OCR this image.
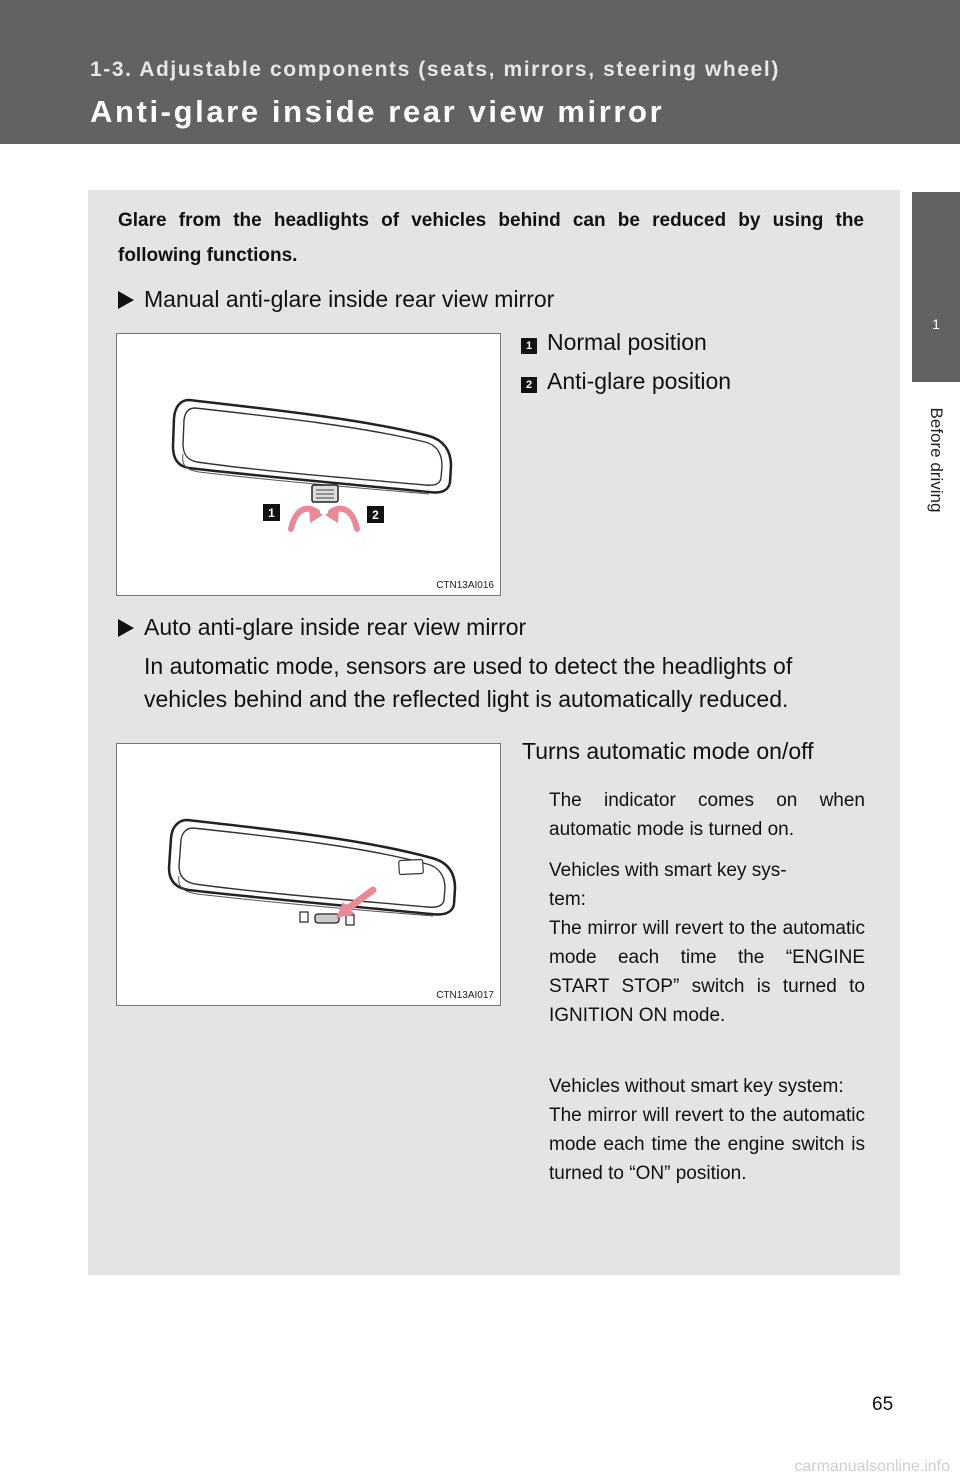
1-3. Adjustable components (seats, mirrors, steering wheel)
Anti-glare inside rear view mirror
1
Before driving
Glare from the headlights of vehicles behind can be reduced by using the following functions.
Manual anti-glare inside rear view mirror
1	2
CTN13AI016
1 Normal position
2 Anti-glare position
Auto anti-glare inside rear view mirror
In automatic mode, sensors are used to detect the headlights of vehicles behind and the reflected light is automatically reduced.
CTN13AI017
Turns automatic mode on/off
The indicator comes on when automatic mode is turned on.
Vehicles with smart key sys-
tem:
The mirror will revert to the automatic mode each time the “ENGINE START STOP” switch is turned to IGNITION ON mode.
Vehicles without smart key system:
The mirror will revert to the automatic mode each time the engine switch is turned to “ON” position.
65
carmanualsonline.info
